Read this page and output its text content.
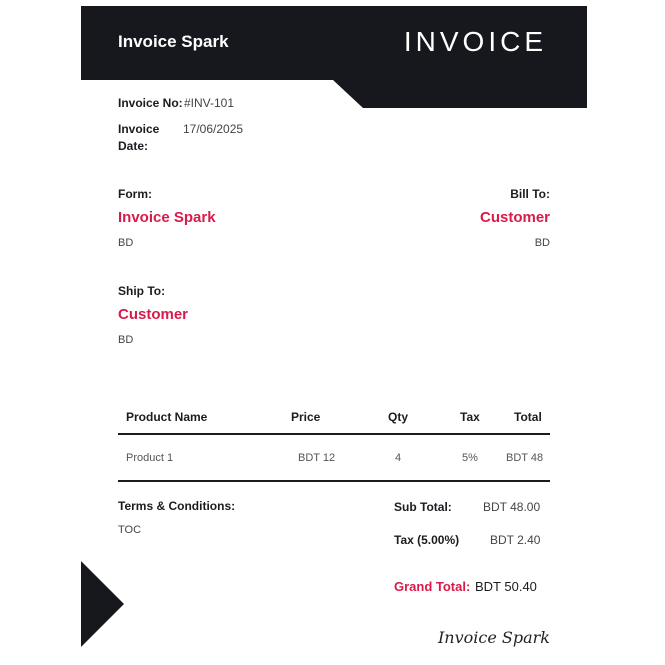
Invoice Spark	INVOICE
Invoice No: #INV-101
Invoice
Date:
17/06/2025
Form:
Invoice Spark
BD
Bill To:
Customer
BD
Ship To:
Customer
BD
Product Name	Price	Qty	Tax	Total
Product 1	BDT 12	4	5%	BDT 48
Terms & Conditions:
TOC
Sub Total:	BDT 48.00
Tax (5.00%)	BDT 2.40
Grand Total: BDT 50.40
Invoice Spark
